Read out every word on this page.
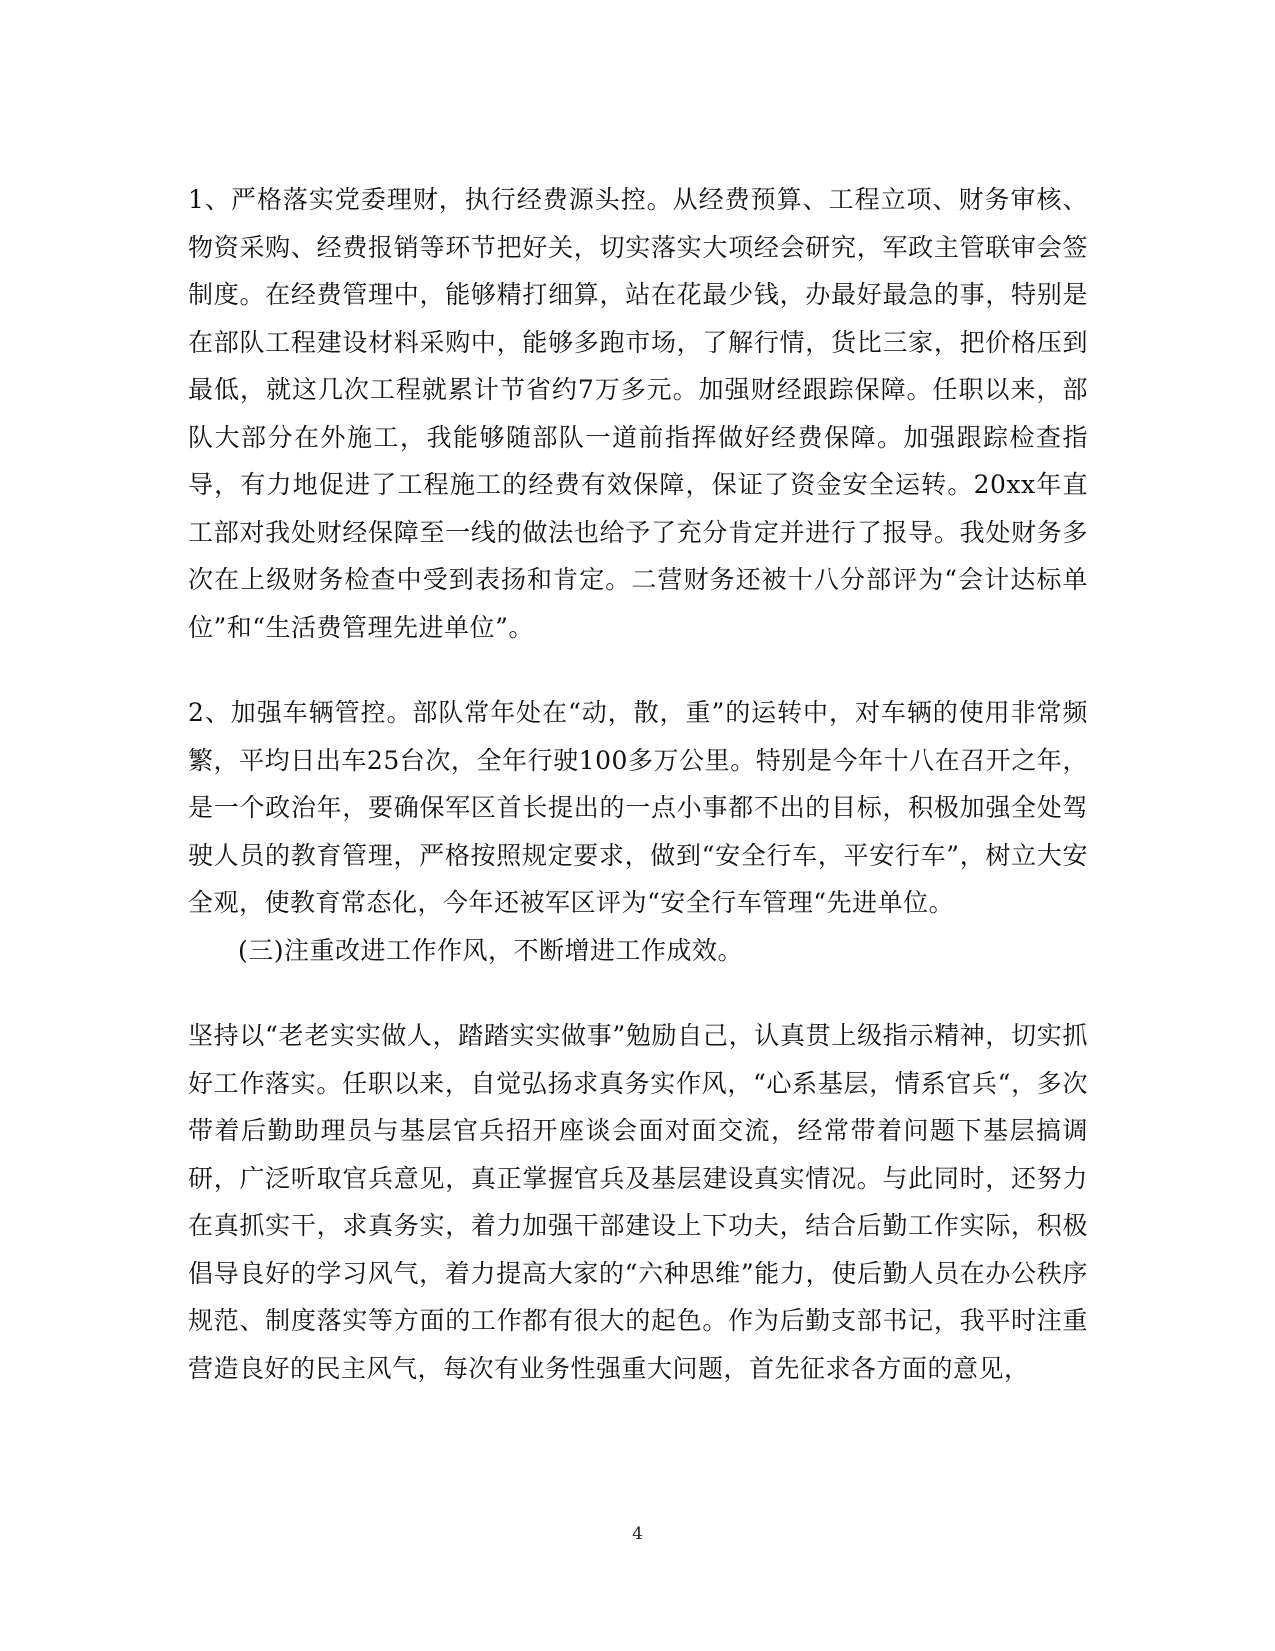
1、严格落实党委理财，执行经费源头控。从经费预算、工程立项、财务审核、物资采购、经费报销等环节把好关，切实落实大项经会研究，军政主管联审会签制度。在经费管理中，能够精打细算，站在花最少钱，办最好最急的事，特别是在部队工程建设材料采购中，能够多跑市场，了解行情，货比三家，把价格压到最低，就这几次工程就累计节省约7万多元。加强财经跟踪保障。任职以来，部队大部分在外施工，我能够随部队一道前指挥做好经费保障。加强跟踪检查指导，有力地促进了工程施工的经费有效保障，保证了资金安全运转。20xx年直工部对我处财经保障至一线的做法也给予了充分肯定并进行了报导。我处财务多次在上级财务检查中受到表扬和肯定。二营财务还被十八分部评为“会计达标单位”和“生活费管理先进单位”。

2、加强车辆管控。部队常年处在“动，散，重”的运转中，对车辆的使用非常频繁，平均日出车25台次，全年行驶100多万公里。特别是今年十八在召开之年，是一个政治年，要确保军区首长提出的一点小事都不出的目标，积极加强全处驾驶人员的教育管理，严格按照规定要求，做到“安全行车，平安行车”，树立大安全观，使教育常态化，今年还被军区评为“安全行车管理“先进单位。

(三)注重改进工作作风，不断增进工作成效。

坚持以“老老实实做人，踏踏实实做事”勉励自己，认真贯上级指示精神，切实抓好工作落实。任职以来，自觉弘扬求真务实作风，“心系基层，情系官兵“，多次带着后勤助理员与基层官兵招开座谈会面对面交流，经常带着问题下基层搞调研，广泛听取官兵意见，真正掌握官兵及基层建设真实情况。与此同时，还努力在真抓实干，求真务实，着力加强干部建设上下功夫，结合后勤工作实际，积极倡导良好的学习风气，着力提高大家的“六种思维”能力，使后勤人员在办公秩序规范、制度落实等方面的工作都有很大的起色。作为后勤支部书记，我平时注重营造良好的民主风气，每次有业务性强重大问题，首先征求各方面的意见，

4
